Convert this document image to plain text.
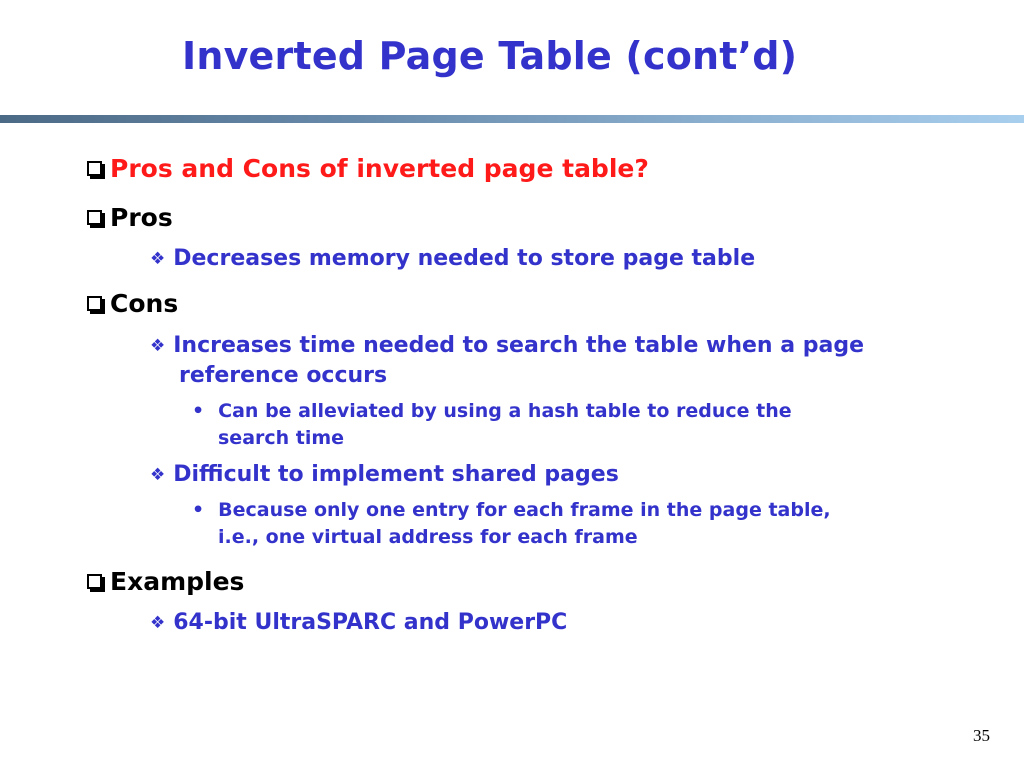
Inverted Page Table (cont’d)
Pros and Cons of inverted page table?
Pros
❖ Decreases memory needed to store page table
Cons
❖ Increases time needed to search the table when a page
reference occurs
• Can be alleviated by using a hash table to reduce the
search time
❖ Difficult to implement shared pages
• Because only one entry for each frame in the page table,
i.e., one virtual address for each frame
Examples
❖ 64-bit UltraSPARC and PowerPC
35
